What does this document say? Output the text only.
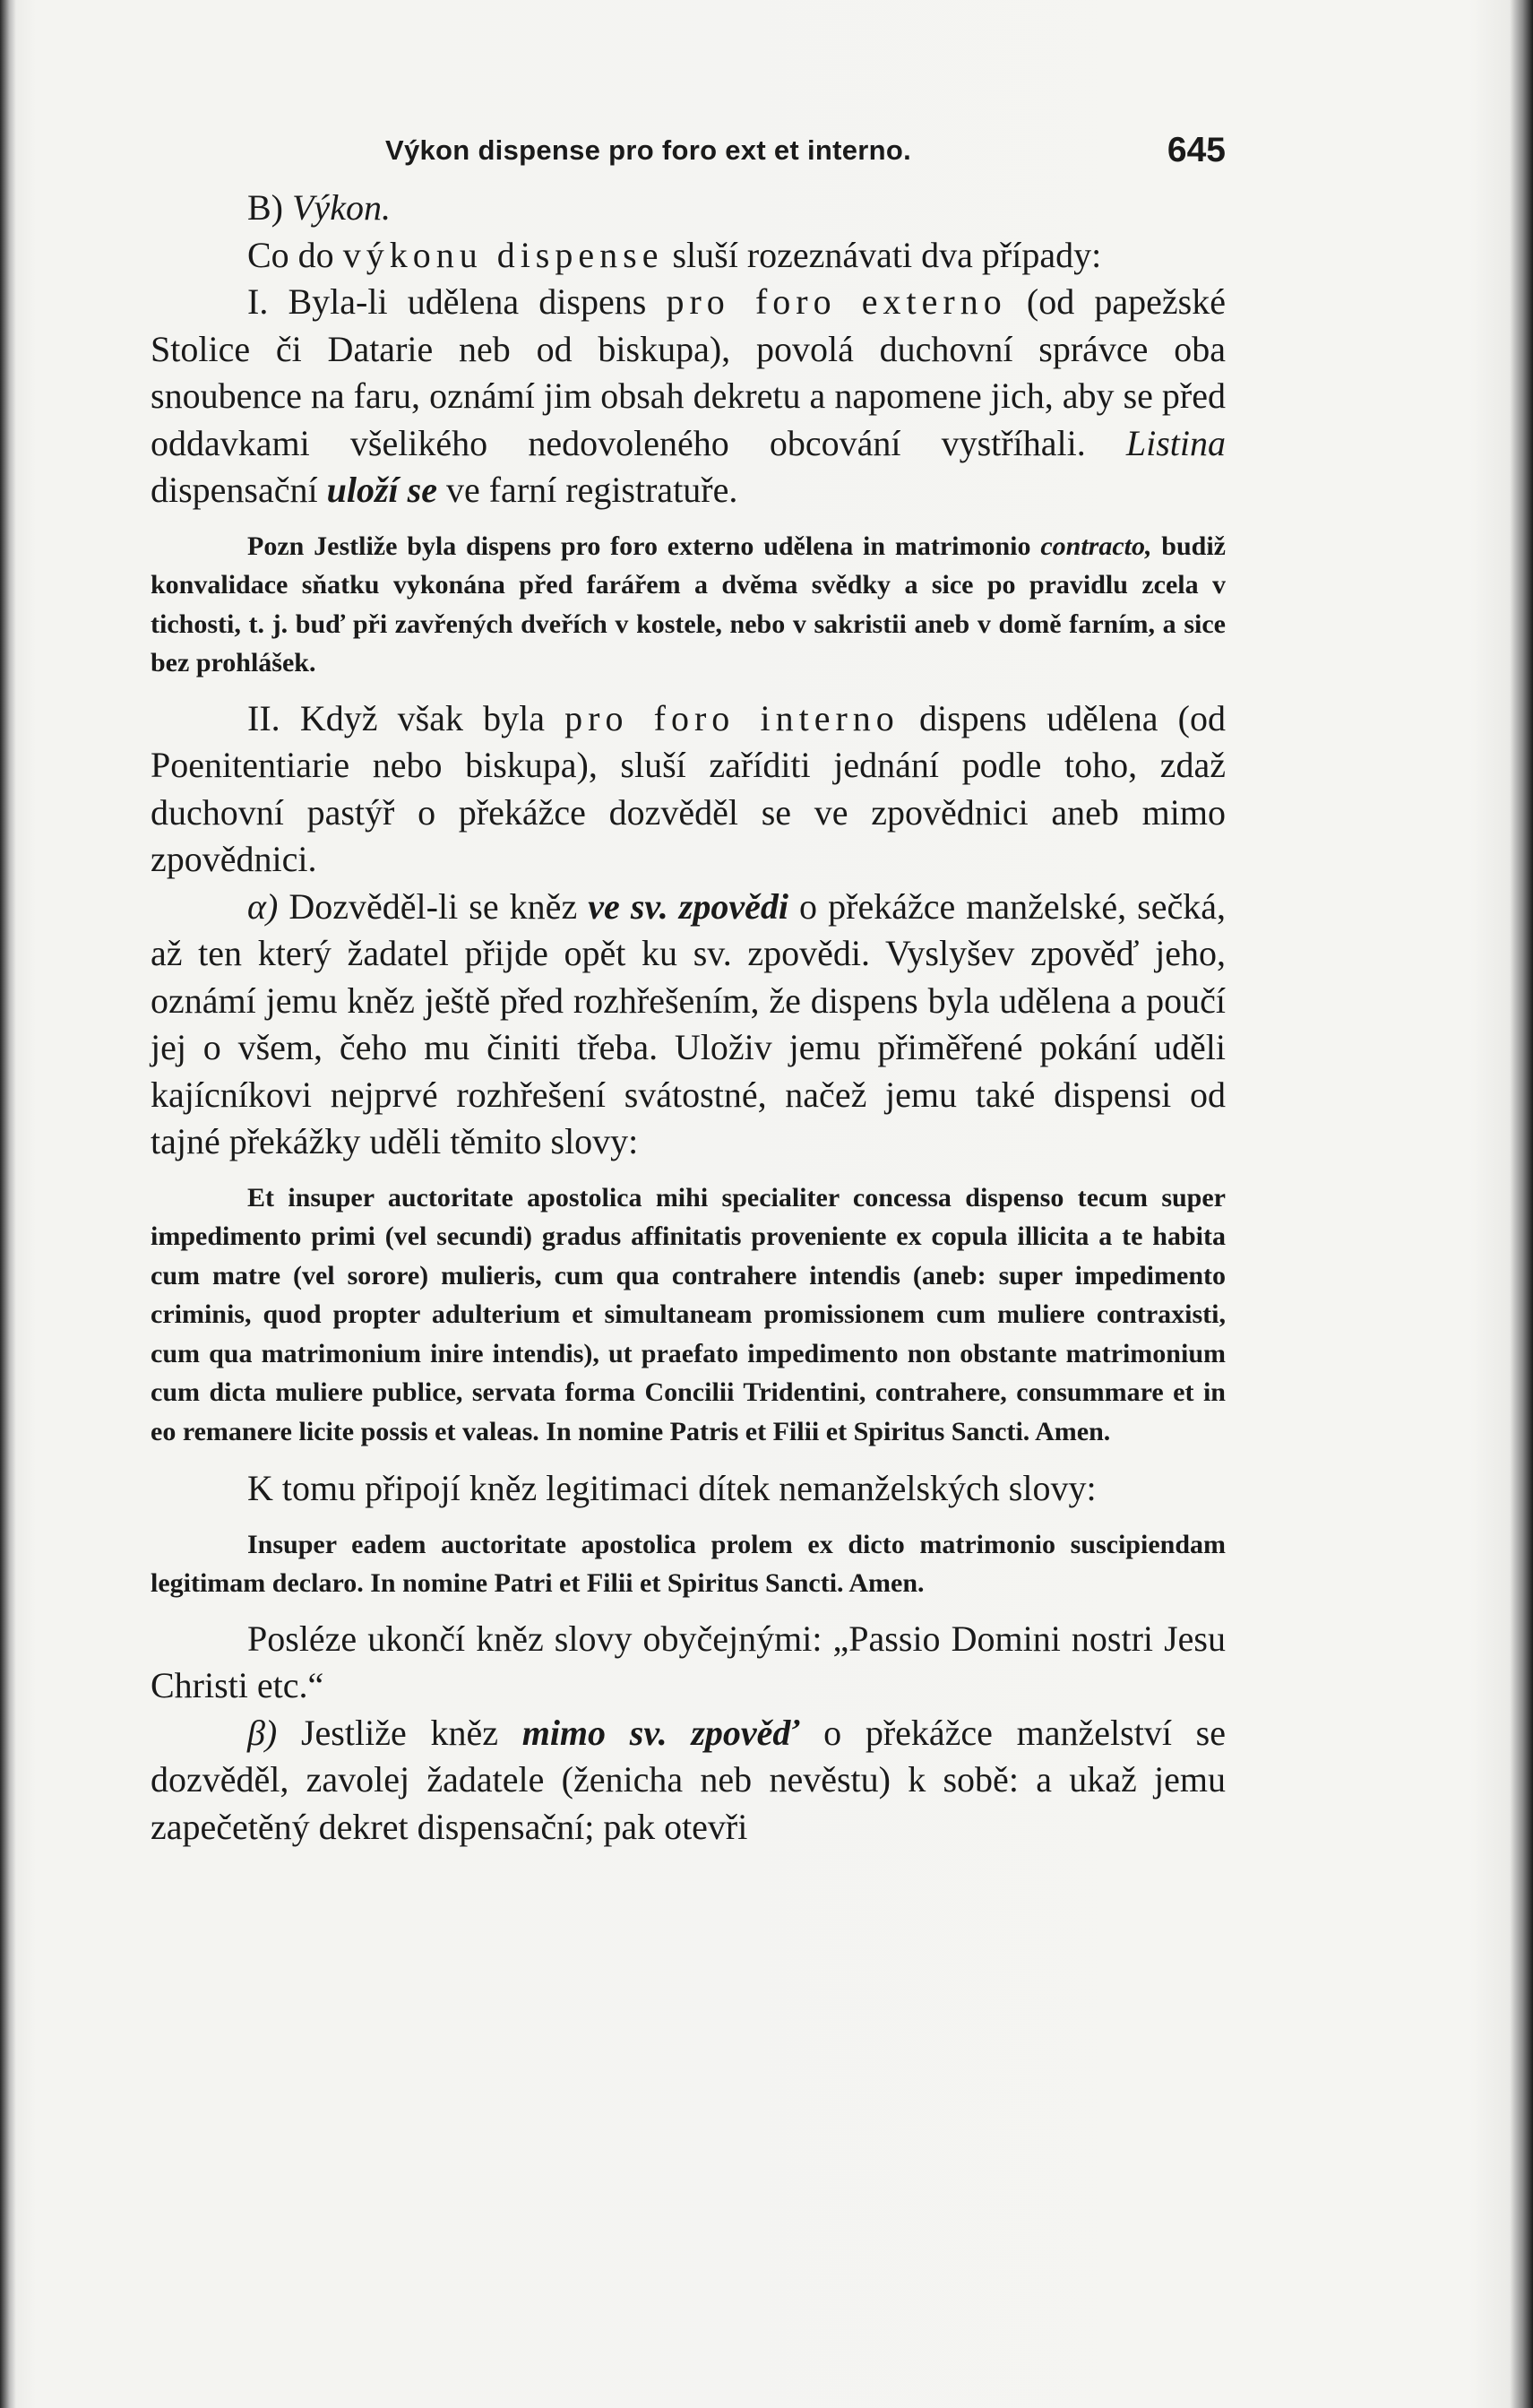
Výkon dispense pro foro ext et interno.	645

B) Výkon.

Co do výkonu dispense sluší rozeznávati dva případy:

I. Byla-li udělena dispens pro foro externo (od papežské Stolice či Datarie neb od biskupa), povolá duchovní správce oba snoubence na faru, oznámí jim obsah dekretu a napomene jich, aby se před oddavkami všelikého nedovoleného obcování vystříhali. Listina dispensační uloží se ve farní registratuře.

Pozn Jestliže byla dispens pro foro externo udělena in matrimonio contracto, budiž konvalidace sňatku vykonána před farářem a dvěma svědky a sice po pravidlu zcela v tichosti, t. j. buď při zavřených dveřích v kostele, nebo v sakristii aneb v domě farním, a sice bez prohlášek.

II. Když však byla pro foro interno dispens udělena (od Poenitentiarie nebo biskupa), sluší zaříditi jednání podle toho, zdaž duchovní pastýř o překážce dozvěděl se ve zpovědnici aneb mimo zpovědnici.

α) Dozvěděl-li se kněz ve sv. zpovědi o překážce manželské, sečká, až ten který žadatel přijde opět ku sv. zpovědi. Vyslyšev zpověď jeho, oznámí jemu kněz ještě před rozhřešením, že dispens byla udělena a poučí jej o všem, čeho mu činiti třeba. Uloživ jemu přiměřené pokání uděli kajícníkovi nejprvé rozhřešení svátostné, načež jemu také dispensi od tajné překážky uděli těmito slovy:

Et insuper auctoritate apostolica mihi specialiter concessa dispenso tecum super impedimento primi (vel secundi) gradus affinitatis proveniente ex copula illicita a te habita cum matre (vel sorore) mulieris, cum qua contrahere intendis (aneb: super impedimento criminis, quod propter adulterium et simultaneam promissionem cum muliere contraxisti, cum qua matrimonium inire intendis), ut praefato impedimento non obstante matrimonium cum dicta muliere publice, servata forma Concilii Tridentini, contrahere, consummare et in eo remanere licite possis et valeas. In nomine Patris et Filii et Spiritus Sancti. Amen.

K tomu připojí kněz legitimaci dítek nemanželských slovy:

Insuper eadem auctoritate apostolica prolem ex dicto matrimonio suscipiendam legitimam declaro. In nomine Patri et Filii et Spiritus Sancti. Amen.

Posléze ukončí kněz slovy obyčejnými: „Passio Domini nostri Jesu Christi etc.“

β) Jestliže kněz mimo sv. zpověď o překážce manželství se dozvěděl, zavolej žadatele (ženicha neb nevěstu) k sobě: a ukaž jemu zapečetěný dekret dispensační; pak otevři
